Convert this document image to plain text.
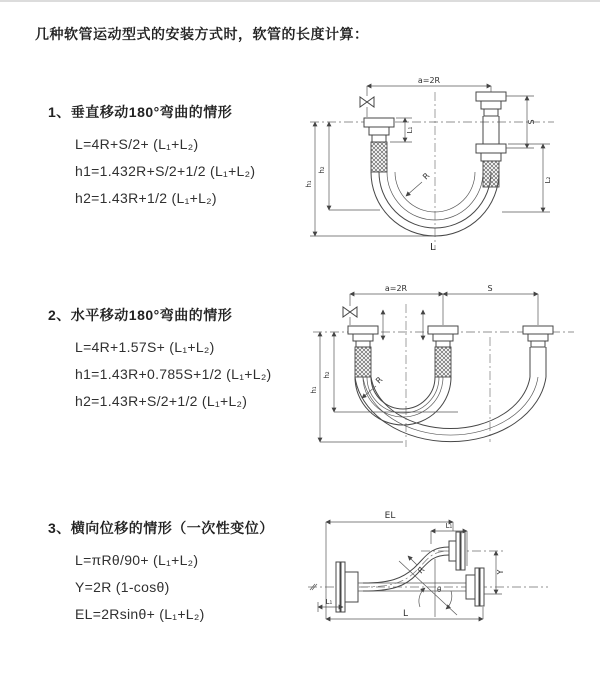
几种软管运动型式的安装方式时，软管的长度计算：
1、垂直移动180°弯曲的情形
L=4R+S/2+ (L₁+L₂)
h1=1.432R+S/2+1/2 (L₁+L₂)
h2=1.43R+1/2 (L₁+L₂)
2、水平移动180°弯曲的情形
L=4R+1.57S+ (L₁+L₂)
h1=1.43R+0.785S+1/2 (L₁+L₂)
h2=1.43R+S/2+1/2 (L₁+L₂)
3、横向位移的情形（一次性变位）
L=πRθ/90+ (L₁+L₂)
Y=2R (1-cosθ)
EL=2Rsinθ+ (L₁+L₂)
a=2R
S
L₂
L₁
h₁
h₂
R
L
a=2R	S
h₁
h₂
R
EL
L₁
Y
θ
L
L₁
R
